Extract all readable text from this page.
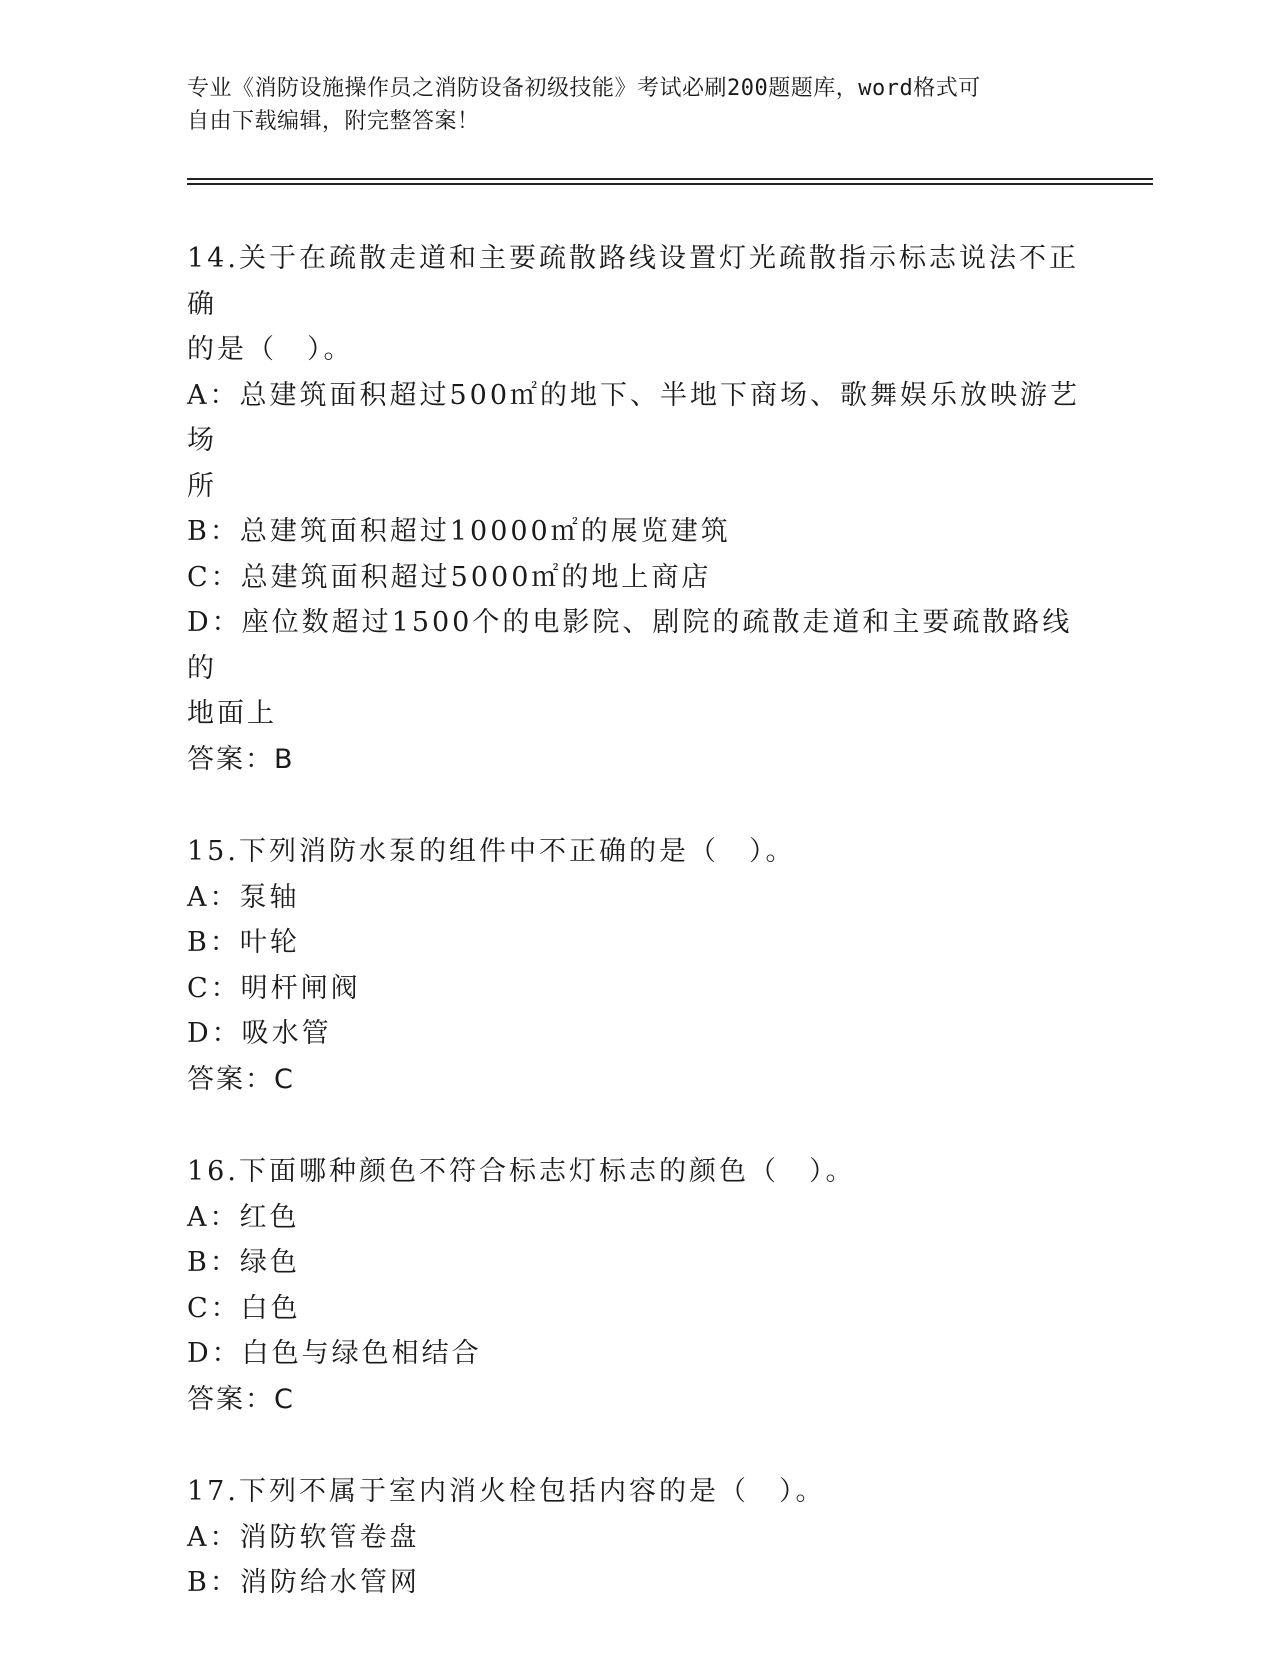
专业《消防设施操作员之消防设备初级技能》考试必刷200题题库，word格式可
自由下载编辑，附完整答案！

14.关于在疏散走道和主要疏散路线设置灯光疏散指示标志说法不正确

的是（　）。

A：总建筑面积超过500㎡的地下、半地下商场、歌舞娱乐放映游艺场

所

B：总建筑面积超过10000㎡的展览建筑

C：总建筑面积超过5000㎡的地上商店

D：座位数超过1500个的电影院、剧院的疏散走道和主要疏散路线的

地面上

答案：B

15.下列消防水泵的组件中不正确的是（　）。

A：泵轴

B：叶轮

C：明杆闸阀

D：吸水管

答案：C

16.下面哪种颜色不符合标志灯标志的颜色（　）。

A：红色

B：绿色

C：白色

D：白色与绿色相结合

答案：C

17.下列不属于室内消火栓包括内容的是（　）。

A：消防软管卷盘

B：消防给水管网
